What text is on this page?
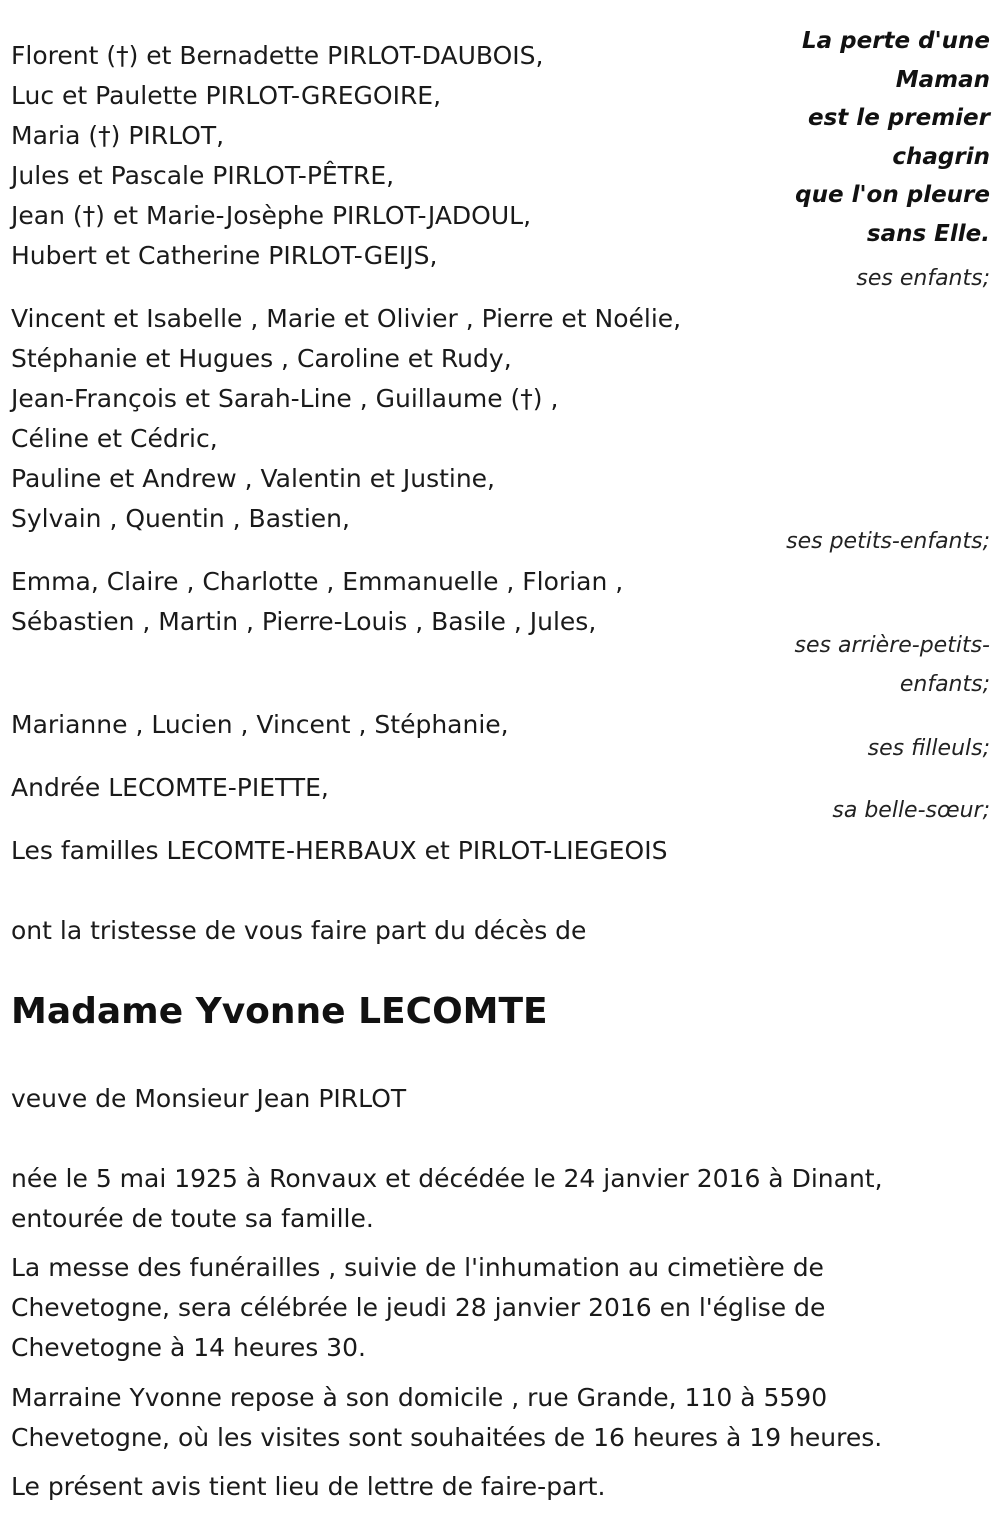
La perte d'une
Maman
est le premier
chagrin
que l'on pleure
sans Elle.
Florent (†) et Bernadette PIRLOT-DAUBOIS,
Luc et Paulette PIRLOT-GREGOIRE,
Maria (†) PIRLOT,
Jules et Pascale PIRLOT-PÊTRE,
Jean (†) et Marie-Josèphe PIRLOT-JADOUL,
Hubert et Catherine PIRLOT-GEIJS,
ses enfants;
Vincent et Isabelle , Marie et Olivier , Pierre et Noélie,
Stéphanie et Hugues , Caroline et Rudy,
Jean-François et Sarah-Line , Guillaume (†) ,
Céline et Cédric,
Pauline et Andrew , Valentin et Justine,
Sylvain , Quentin , Bastien,
ses petits-enfants;
Emma, Claire , Charlotte , Emmanuelle , Florian ,
Sébastien , Martin , Pierre-Louis , Basile , Jules,
ses arrière-petits-
enfants;
Marianne , Lucien , Vincent , Stéphanie,
ses filleuls;
Andrée LECOMTE-PIETTE,
sa belle-sœur;
Les familles LECOMTE-HERBAUX et PIRLOT-LIEGEOIS
ont la tristesse de vous faire part du décès de
Madame Yvonne LECOMTE
veuve de Monsieur Jean PIRLOT
née le 5 mai 1925 à Ronvaux et décédée le 24 janvier 2016 à Dinant, entourée de toute sa famille.
La messe des funérailles , suivie de l'inhumation au cimetière de Chevetogne, sera célébrée le jeudi 28 janvier 2016 en l'église de Chevetogne à 14 heures 30.
Marraine Yvonne repose à son domicile , rue Grande, 110 à 5590 Chevetogne, où les visites sont souhaitées de 16 heures à 19 heures.
Le présent avis tient lieu de lettre de faire-part.
